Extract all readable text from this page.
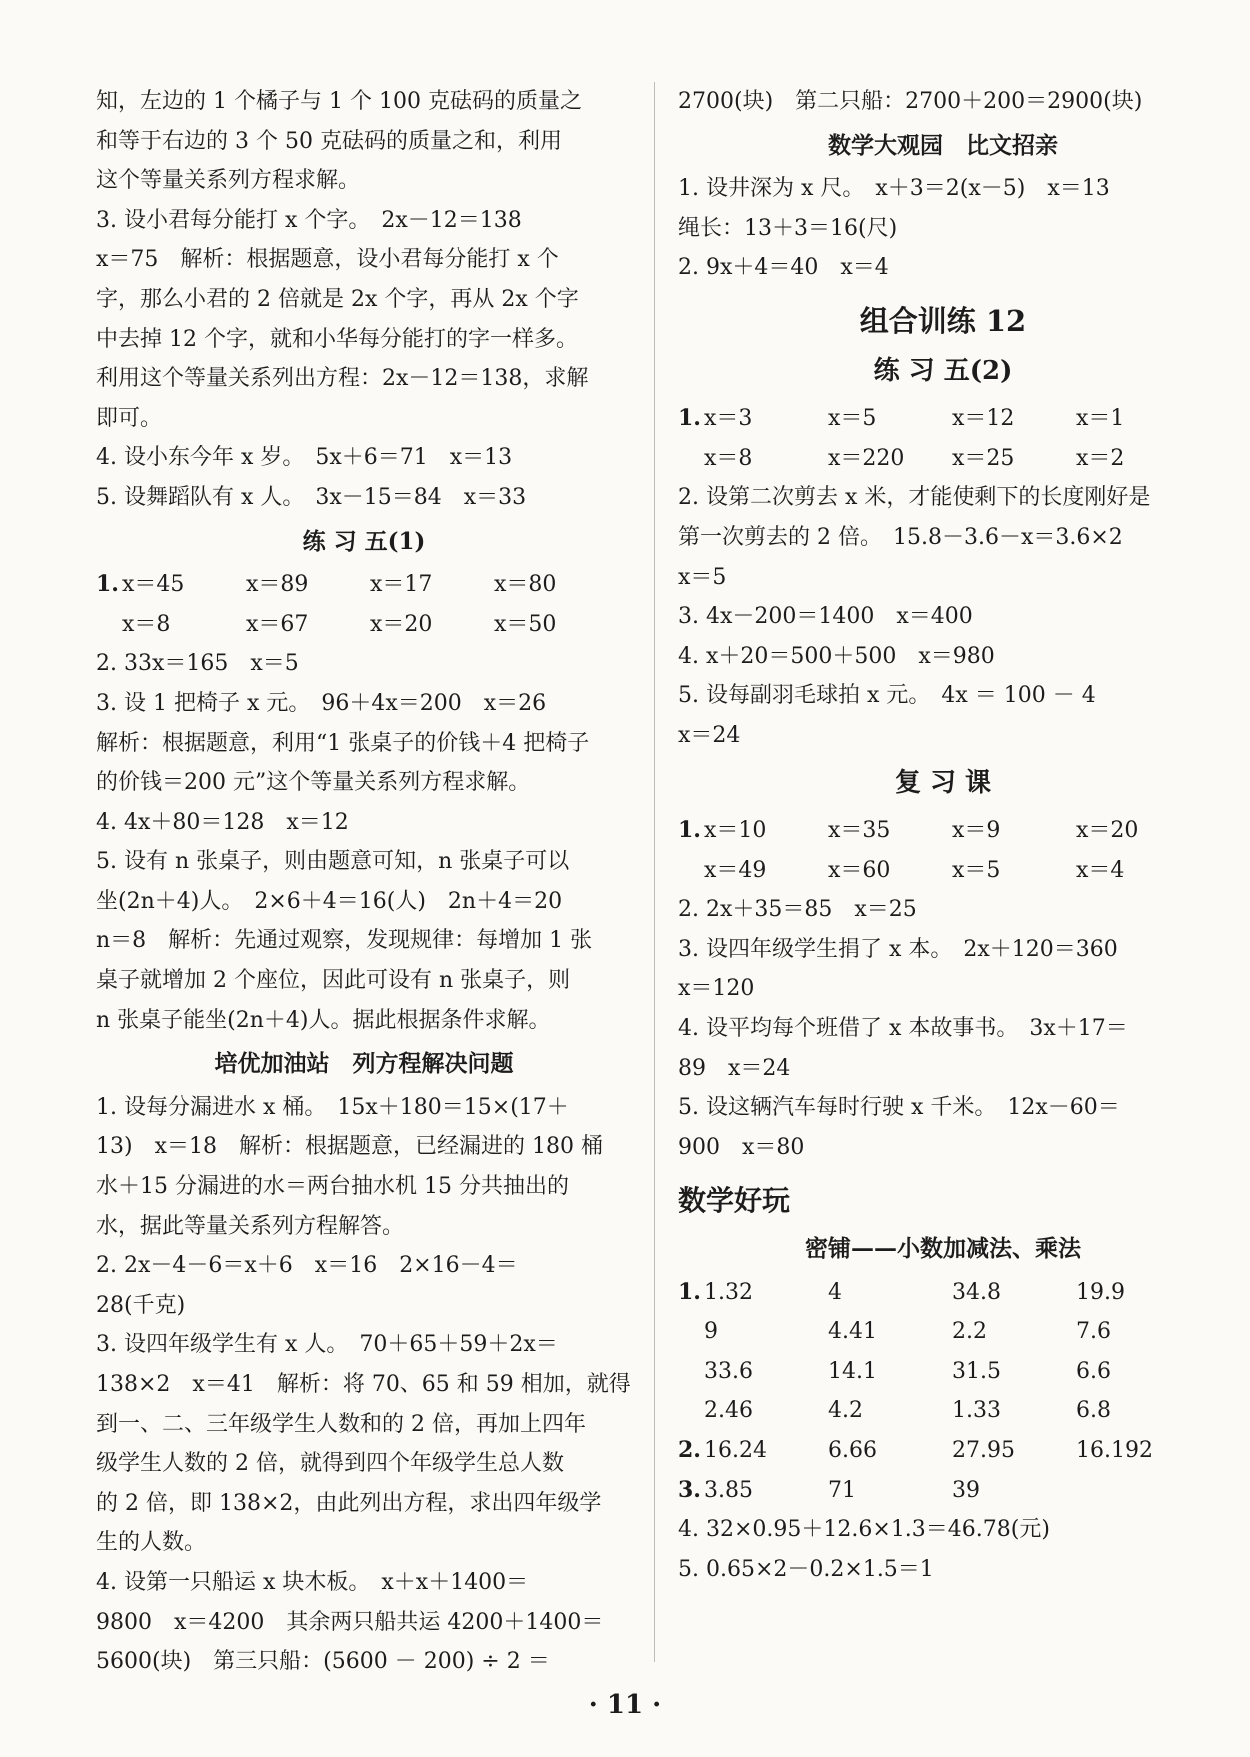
知，左边的 1 个橘子与 1 个 100 克砝码的质量之

和等于右边的 3 个 50 克砝码的质量之和，利用

这个等量关系列方程求解。

3. 设小君每分能打 x 个字。　2x－12＝138

x＝75　解析：根据题意，设小君每分能打 x 个

字，那么小君的 2 倍就是 2x 个字，再从 2x 个字

中去掉 12 个字，就和小华每分能打的字一样多。

利用这个等量关系列出方程：2x－12＝138，求解

即可。

4. 设小东今年 x 岁。　5x＋6＝71　x＝13

5. 设舞蹈队有 x 人。　3x－15＝84　x＝33

练 习 五(1)
1. x＝45	x＝89	x＝17	x＝80
x＝8	x＝67	x＝20	x＝50

2. 33x＝165　x＝5

3. 设 1 把椅子 x 元。　96＋4x＝200　x＝26

解析：根据题意，利用“1 张桌子的价钱＋4 把椅子

的价钱＝200 元”这个等量关系列方程求解。

4. 4x＋80＝128　x＝12

5. 设有 n 张桌子，则由题意可知，n 张桌子可以

坐(2n＋4)人。　2×6＋4＝16(人)　2n＋4＝20

n＝8　解析：先通过观察，发现规律：每增加 1 张

桌子就增加 2 个座位，因此可设有 n 张桌子，则

n 张桌子能坐(2n＋4)人。据此根据条件求解。

培优加油站　列方程解决问题

1. 设每分漏进水 x 桶。　15x＋180＝15×(17＋

13)　x＝18　解析：根据题意，已经漏进的 180 桶

水＋15 分漏进的水＝两台抽水机 15 分共抽出的

水，据此等量关系列方程解答。

2. 2x－4－6＝x＋6　x＝16　2×16－4＝

28(千克)

3. 设四年级学生有 x 人。　70＋65＋59＋2x＝

138×2　x＝41　解析：将 70、65 和 59 相加，就得

到一、二、三年级学生人数和的 2 倍，再加上四年

级学生人数的 2 倍，就得到四个年级学生总人数

的 2 倍，即 138×2，由此列出方程，求出四年级学

生的人数。

4. 设第一只船运 x 块木板。　x＋x＋1400＝

9800　x＝4200　其余两只船共运 4200＋1400＝

5600(块)　第三只船：(5600 － 200) ÷ 2 ＝

2700(块)　第二只船：2700＋200＝2900(块)

数学大观园　比文招亲

1. 设井深为 x 尺。　x＋3＝2(x－5)　x＝13

绳长：13＋3＝16(尺)

2. 9x＋4＝40　x＝4

组合训练 12
练 习 五(2)
1. x＝3	x＝5	x＝12	x＝1
x＝8	x＝220	x＝25	x＝2

2. 设第二次剪去 x 米，才能使剩下的长度刚好是

第一次剪去的 2 倍。　15.8－3.6－x＝3.6×2

x＝5

3. 4x－200＝1400　x＝400

4. x＋20＝500＋500　x＝980

5. 设每副羽毛球拍 x 元。　4x ＝ 100 － 4

x＝24

复 习 课
1. x＝10	x＝35	x＝9	x＝20
x＝49	x＝60	x＝5	x＝4

2. 2x＋35＝85　x＝25

3. 设四年级学生捐了 x 本。　2x＋120＝360

x＝120

4. 设平均每个班借了 x 本故事书。　3x＋17＝

89　x＝24

5. 设这辆汽车每时行驶 x 千米。　12x－60＝

900　x＝80

数学好玩
密铺——小数加减法、乘法
1. 1.32	4	34.8	19.9
9	4.41	2.2	7.6
33.6	14.1	31.5	6.6
2.46	4.2	1.33	6.8
2. 16.24	6.66	27.95	16.192
3. 3.85	71	39

4. 32×0.95＋12.6×1.3＝46.78(元)

5. 0.65×2－0.2×1.5＝1

· 11 ·
